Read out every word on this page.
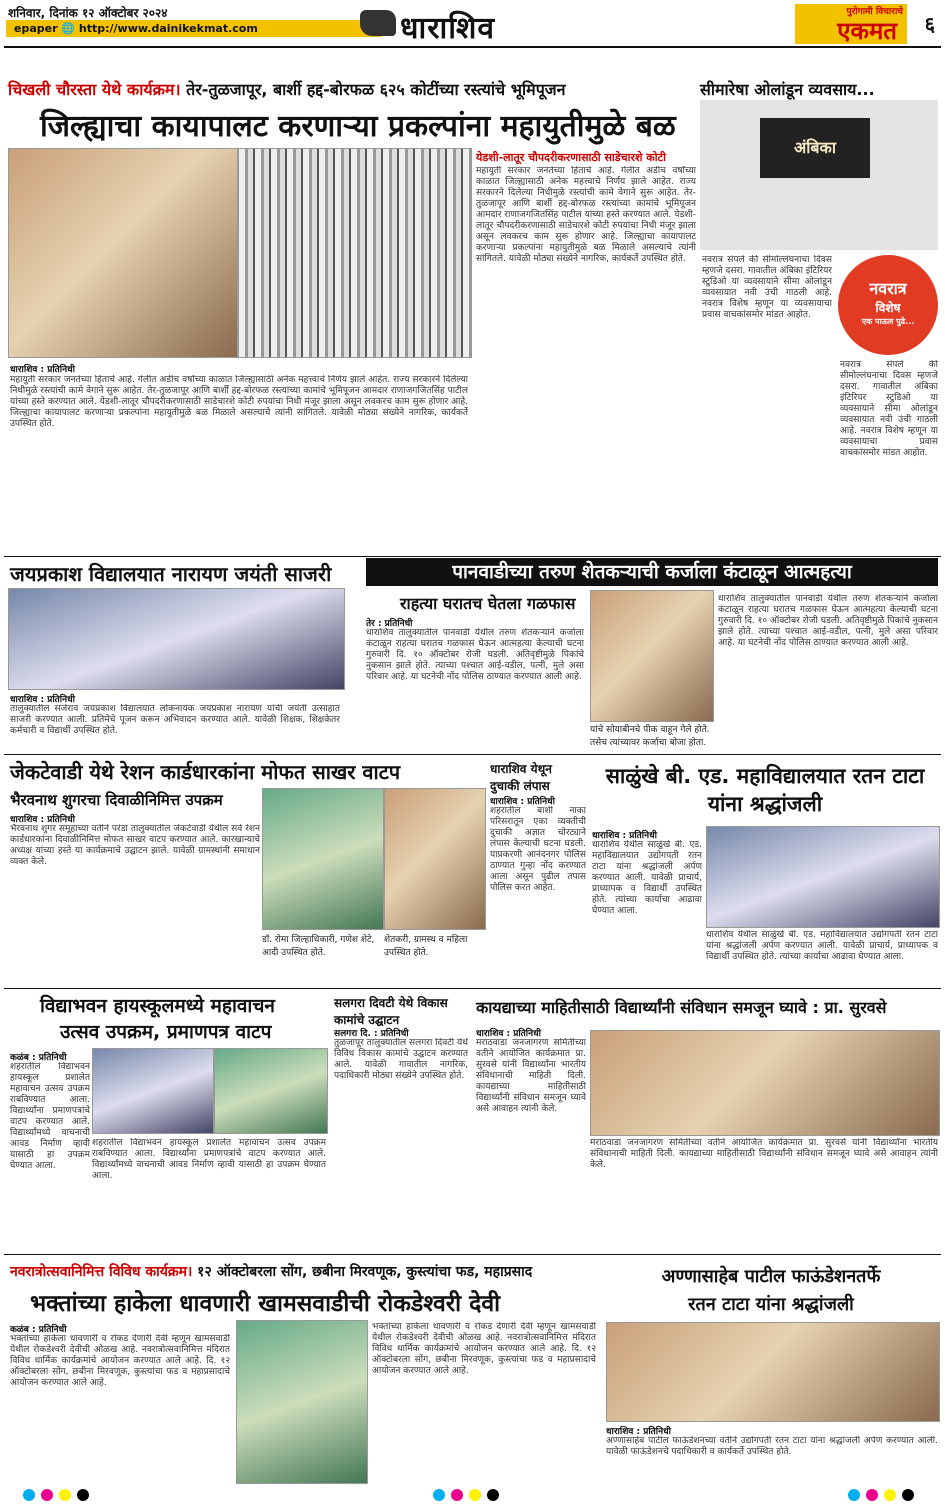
शनिवार, दिनांक १२ ऑक्टोबर २०२४
epaper 🌐 http://www.dainikekmat.com	धाराशिव	पुरोगामी विचाराचे
एकमत ६
चिखली चौरस्ता येथे कार्यक्रम। तेर-तुळजापूर, बार्शी हद्द-बोरफळ ६२५ कोटींच्या रस्त्यांचे भूमिपूजन
जिल्ह्याचा कायापालट करणाऱ्या प्रकल्पांना महायुतीमुळे बळ
येडशी-लातूर चौपदरीकरणासाठी साडेचारशे कोटी
महायुती सरकार जनतेच्या हिताचे आहे. गेलीत अडीच वर्षांच्या काळात जिल्ह्यासाठी अनेक महत्त्वाचे निर्णय झाले आहेत. राज्य सरकारने दिलेल्या निधीमुळे रस्त्यांची कामे वेगाने सुरू आहेत. तेर-तुळजापूर आणि बार्शी हद्द-बोरफळ रस्त्यांच्या कामांचे भूमिपूजन आमदार राणाजगजितसिंह पाटील यांच्या हस्ते करण्यात आले. येडशी-लातूर चौपदरीकरणासाठी साडेचारशे कोटी रुपयांचा निधी मंजूर झाला असून लवकरच काम सुरू होणार आहे. जिल्ह्याचा कायापालट करणाऱ्या प्रकल्पांना महायुतीमुळे बळ मिळाले असल्याचे त्यांनी सांगितले. यावेळी मोठ्या संख्येने नागरिक, कार्यकर्ते उपस्थित होते.
धाराशिव : प्रतिनिधी
महायुती सरकार जनतेच्या हिताचे आहे. गेलीत अडीच वर्षांच्या काळात जिल्ह्यासाठी अनेक महत्त्वाचे निर्णय झाले आहेत. राज्य सरकारने दिलेल्या निधीमुळे रस्त्यांची कामे वेगाने सुरू आहेत. तेर-तुळजापूर आणि बार्शी हद्द-बोरफळ रस्त्यांच्या कामांचे भूमिपूजन आमदार राणाजगजितसिंह पाटील यांच्या हस्ते करण्यात आले. येडशी-लातूर चौपदरीकरणासाठी साडेचारशे कोटी रुपयांचा निधी मंजूर झाला असून लवकरच काम सुरू होणार आहे. जिल्ह्याचा कायापालट करणाऱ्या प्रकल्पांना महायुतीमुळे बळ मिळाले असल्याचे त्यांनी सांगितले. यावेळी मोठ्या संख्येने नागरिक, कार्यकर्ते उपस्थित होते.
सीमारेषा ओलांडून व्यवसाय...
अंबिका
नवरात्र
विशेष
एक पाऊल पुढे...
नवरात्र संपले की सीमोल्लंघनाचा दिवस म्हणजे दसरा. गावातील अंबिका इंटिरियर स्टुडिओ या व्यवसायाने सीमा ओलांडून व्यवसायात नवी उंची गाठली आहे. नवरात्र विशेष म्हणून या व्यवसायाचा प्रवास वाचकांसमोर मांडत आहोत.
नवरात्र संपले की सीमोल्लंघनाचा दिवस म्हणजे दसरा. गावातील अंबिका इंटिरियर स्टुडिओ या व्यवसायाने सीमा ओलांडून व्यवसायात नवी उंची गाठली आहे. नवरात्र विशेष म्हणून या व्यवसायाचा प्रवास वाचकांसमोर मांडत आहोत.
जयप्रकाश विद्यालयात नारायण जयंती साजरी
धाराशिव : प्रतिनिधी
तालुक्यातील सर्जेराव जयप्रकाश विद्यालयात लोकनायक जयप्रकाश नारायण यांची जयंती उत्साहात साजरी करण्यात आली. प्रतिमेचे पूजन करून अभिवादन करण्यात आले. यावेळी शिक्षक, शिक्षकेतर कर्मचारी व विद्यार्थी उपस्थित होते.
पानवाडीच्या तरुण शेतकऱ्याची कर्जाला कंटाळून आत्महत्या
राहत्या घरातच घेतला गळफास
तेर : प्रतिनिधी
धाराशिव तालुक्यातील पानवाडी येथील तरुण शेतकऱ्याने कर्जाला कंटाळून राहत्या घरातच गळफास घेऊन आत्महत्या केल्याची घटना गुरुवारी दि. १० ऑक्टोबर रोजी घडली. अतिवृष्टीमुळे पिकांचे नुकसान झाले होते. त्याच्या पश्चात आई-वडील, पत्नी, मुले असा परिवार आहे. या घटनेची नोंद पोलिस ठाण्यात करण्यात आली आहे.
यांचे सोयाबीनचे पीक वाहून गेले होते. तसेच त्यांच्यावर कर्जाचा बोजा होता.
धाराशिव तालुक्यातील पानवाडी येथील तरुण शेतकऱ्याने कर्जाला कंटाळून राहत्या घरातच गळफास घेऊन आत्महत्या केल्याची घटना गुरुवारी दि. १० ऑक्टोबर रोजी घडली. अतिवृष्टीमुळे पिकांचे नुकसान झाले होते. त्याच्या पश्चात आई-वडील, पत्नी, मुले असा परिवार आहे. या घटनेची नोंद पोलिस ठाण्यात करण्यात आली आहे.
जेकटेवाडी येथे रेशन कार्डधारकांना मोफत साखर वाटप
भैरवनाथ शुगरचा दिवाळीनिमित्त उपक्रम
धाराशिव : प्रतिनिधी
भैरवनाथ शुगर समूहाच्या वतीने परंडा तालुक्यातील जेकटेवाडी येथील सर्व रेशन कार्डधारकांना दिवाळीनिमित्त मोफत साखर वाटप करण्यात आले. कारखान्याचे अध्यक्ष यांच्या हस्ते या कार्यक्रमाचे उद्घाटन झाले. यावेळी ग्रामस्थांनी समाधान व्यक्त केले.
डॉ. रोमा जिल्हाधिकारी, गणेश शेटे, आदी उपस्थित होते.
शेतकरी, ग्रामस्थ व महिला उपस्थित होते.
धाराशिव येथून दुचाकी लंपास
धाराशिव : प्रतिनिधी
शहरातील बार्शी नाका परिसरातून एका व्यक्तीची दुचाकी अज्ञात चोरट्याने लंपास केल्याची घटना घडली. याप्रकरणी आनंदनगर पोलिस ठाण्यात गुन्हा नोंद करण्यात आला असून पुढील तपास पोलिस करत आहेत.
साळुंखे बी. एड. महाविद्यालयात रतन टाटा यांना श्रद्धांजली
धाराशिव : प्रतिनिधी
धाराशिव येथील साळुंखे बी. एड. महाविद्यालयात उद्योगपती रतन टाटा यांना श्रद्धांजली अर्पण करण्यात आली. यावेळी प्राचार्य, प्राध्यापक व विद्यार्थी उपस्थित होते. त्यांच्या कार्याचा आढावा घेण्यात आला.
धाराशिव येथील साळुंखे बी. एड. महाविद्यालयात उद्योगपती रतन टाटा यांना श्रद्धांजली अर्पण करण्यात आली. यावेळी प्राचार्य, प्राध्यापक व विद्यार्थी उपस्थित होते. त्यांच्या कार्याचा आढावा घेण्यात आला.
विद्याभवन हायस्कूलमध्ये महावाचन
उत्सव उपक्रम, प्रमाणपत्र वाटप
कळंब : प्रतिनिधी
शहरातील विद्याभवन हायस्कूल प्रशालेत महावाचन उत्सव उपक्रम राबविण्यात आला. विद्यार्थ्यांना प्रमाणपत्रांचे वाटप करण्यात आले. विद्यार्थ्यांमध्ये वाचनाची आवड निर्माण व्हावी यासाठी हा उपक्रम घेण्यात आला.
शहरातील विद्याभवन हायस्कूल प्रशालेत महावाचन उत्सव उपक्रम राबविण्यात आला. विद्यार्थ्यांना प्रमाणपत्रांचे वाटप करण्यात आले. विद्यार्थ्यांमध्ये वाचनाची आवड निर्माण व्हावी यासाठी हा उपक्रम घेण्यात आला.
सलगरा दिवटी येथे विकास कामांचे उद्घाटन
सलगरा दि. : प्रतिनिधी
तुळजापूर तालुक्यातील सलगरा दिवटी येथे विविध विकास कामांचे उद्घाटन करण्यात आले. यावेळी गावातील नागरिक, पदाधिकारी मोठ्या संख्येने उपस्थित होते.
कायद्याच्या माहितीसाठी विद्यार्थ्यांनी संविधान समजून घ्यावे : प्रा. सुरवसे
धाराशिव : प्रतिनिधी
मराठवाडा जनजागरण समितीच्या वतीने आयोजित कार्यक्रमात प्रा. सुरवसे यांनी विद्यार्थ्यांना भारतीय संविधानाची माहिती दिली. कायद्याच्या माहितीसाठी विद्यार्थ्यांनी संविधान समजून घ्यावे असे आवाहन त्यांनी केले.
मराठवाडा जनजागरण समितीच्या वतीने आयोजित कार्यक्रमात प्रा. सुरवसे यांनी विद्यार्थ्यांना भारतीय संविधानाची माहिती दिली. कायद्याच्या माहितीसाठी विद्यार्थ्यांनी संविधान समजून घ्यावे असे आवाहन त्यांनी केले.
नवरात्रोत्सवानिमित्त विविध कार्यक्रम। १२ ऑक्टोबरला सोंग, छबीना मिरवणूक, कुस्त्यांचा फड, महाप्रसाद
भक्तांच्या हाकेला धावणारी खामसवाडीची रोकडेश्वरी देवी
कळंब : प्रतिनिधी
भक्तांच्या हाकेला धावणारी व रोकड देणारी देवी म्हणून खामसवाडी येथील रोकडेश्वरी देवीची ओळख आहे. नवरात्रोत्सवानिमित्त मंदिरात विविध धार्मिक कार्यक्रमांचे आयोजन करण्यात आले आहे. दि. १२ ऑक्टोबरला सोंग, छबीना मिरवणूक, कुस्त्यांचा फड व महाप्रसादाचे आयोजन करण्यात आले आहे.
भक्तांच्या हाकेला धावणारी व रोकड देणारी देवी म्हणून खामसवाडी येथील रोकडेश्वरी देवीची ओळख आहे. नवरात्रोत्सवानिमित्त मंदिरात विविध धार्मिक कार्यक्रमांचे आयोजन करण्यात आले आहे. दि. १२ ऑक्टोबरला सोंग, छबीना मिरवणूक, कुस्त्यांचा फड व महाप्रसादाचे आयोजन करण्यात आले आहे.
अण्णासाहेब पाटील फाऊंडेशनतर्फे
रतन टाटा यांना श्रद्धांजली
धाराशिव : प्रतिनिधी
अण्णासाहेब पाटील फाऊंडेशनच्या वतीने उद्योगपती रतन टाटा यांना श्रद्धांजली अर्पण करण्यात आली. यावेळी फाऊंडेशनचे पदाधिकारी व कार्यकर्ते उपस्थित होते.
